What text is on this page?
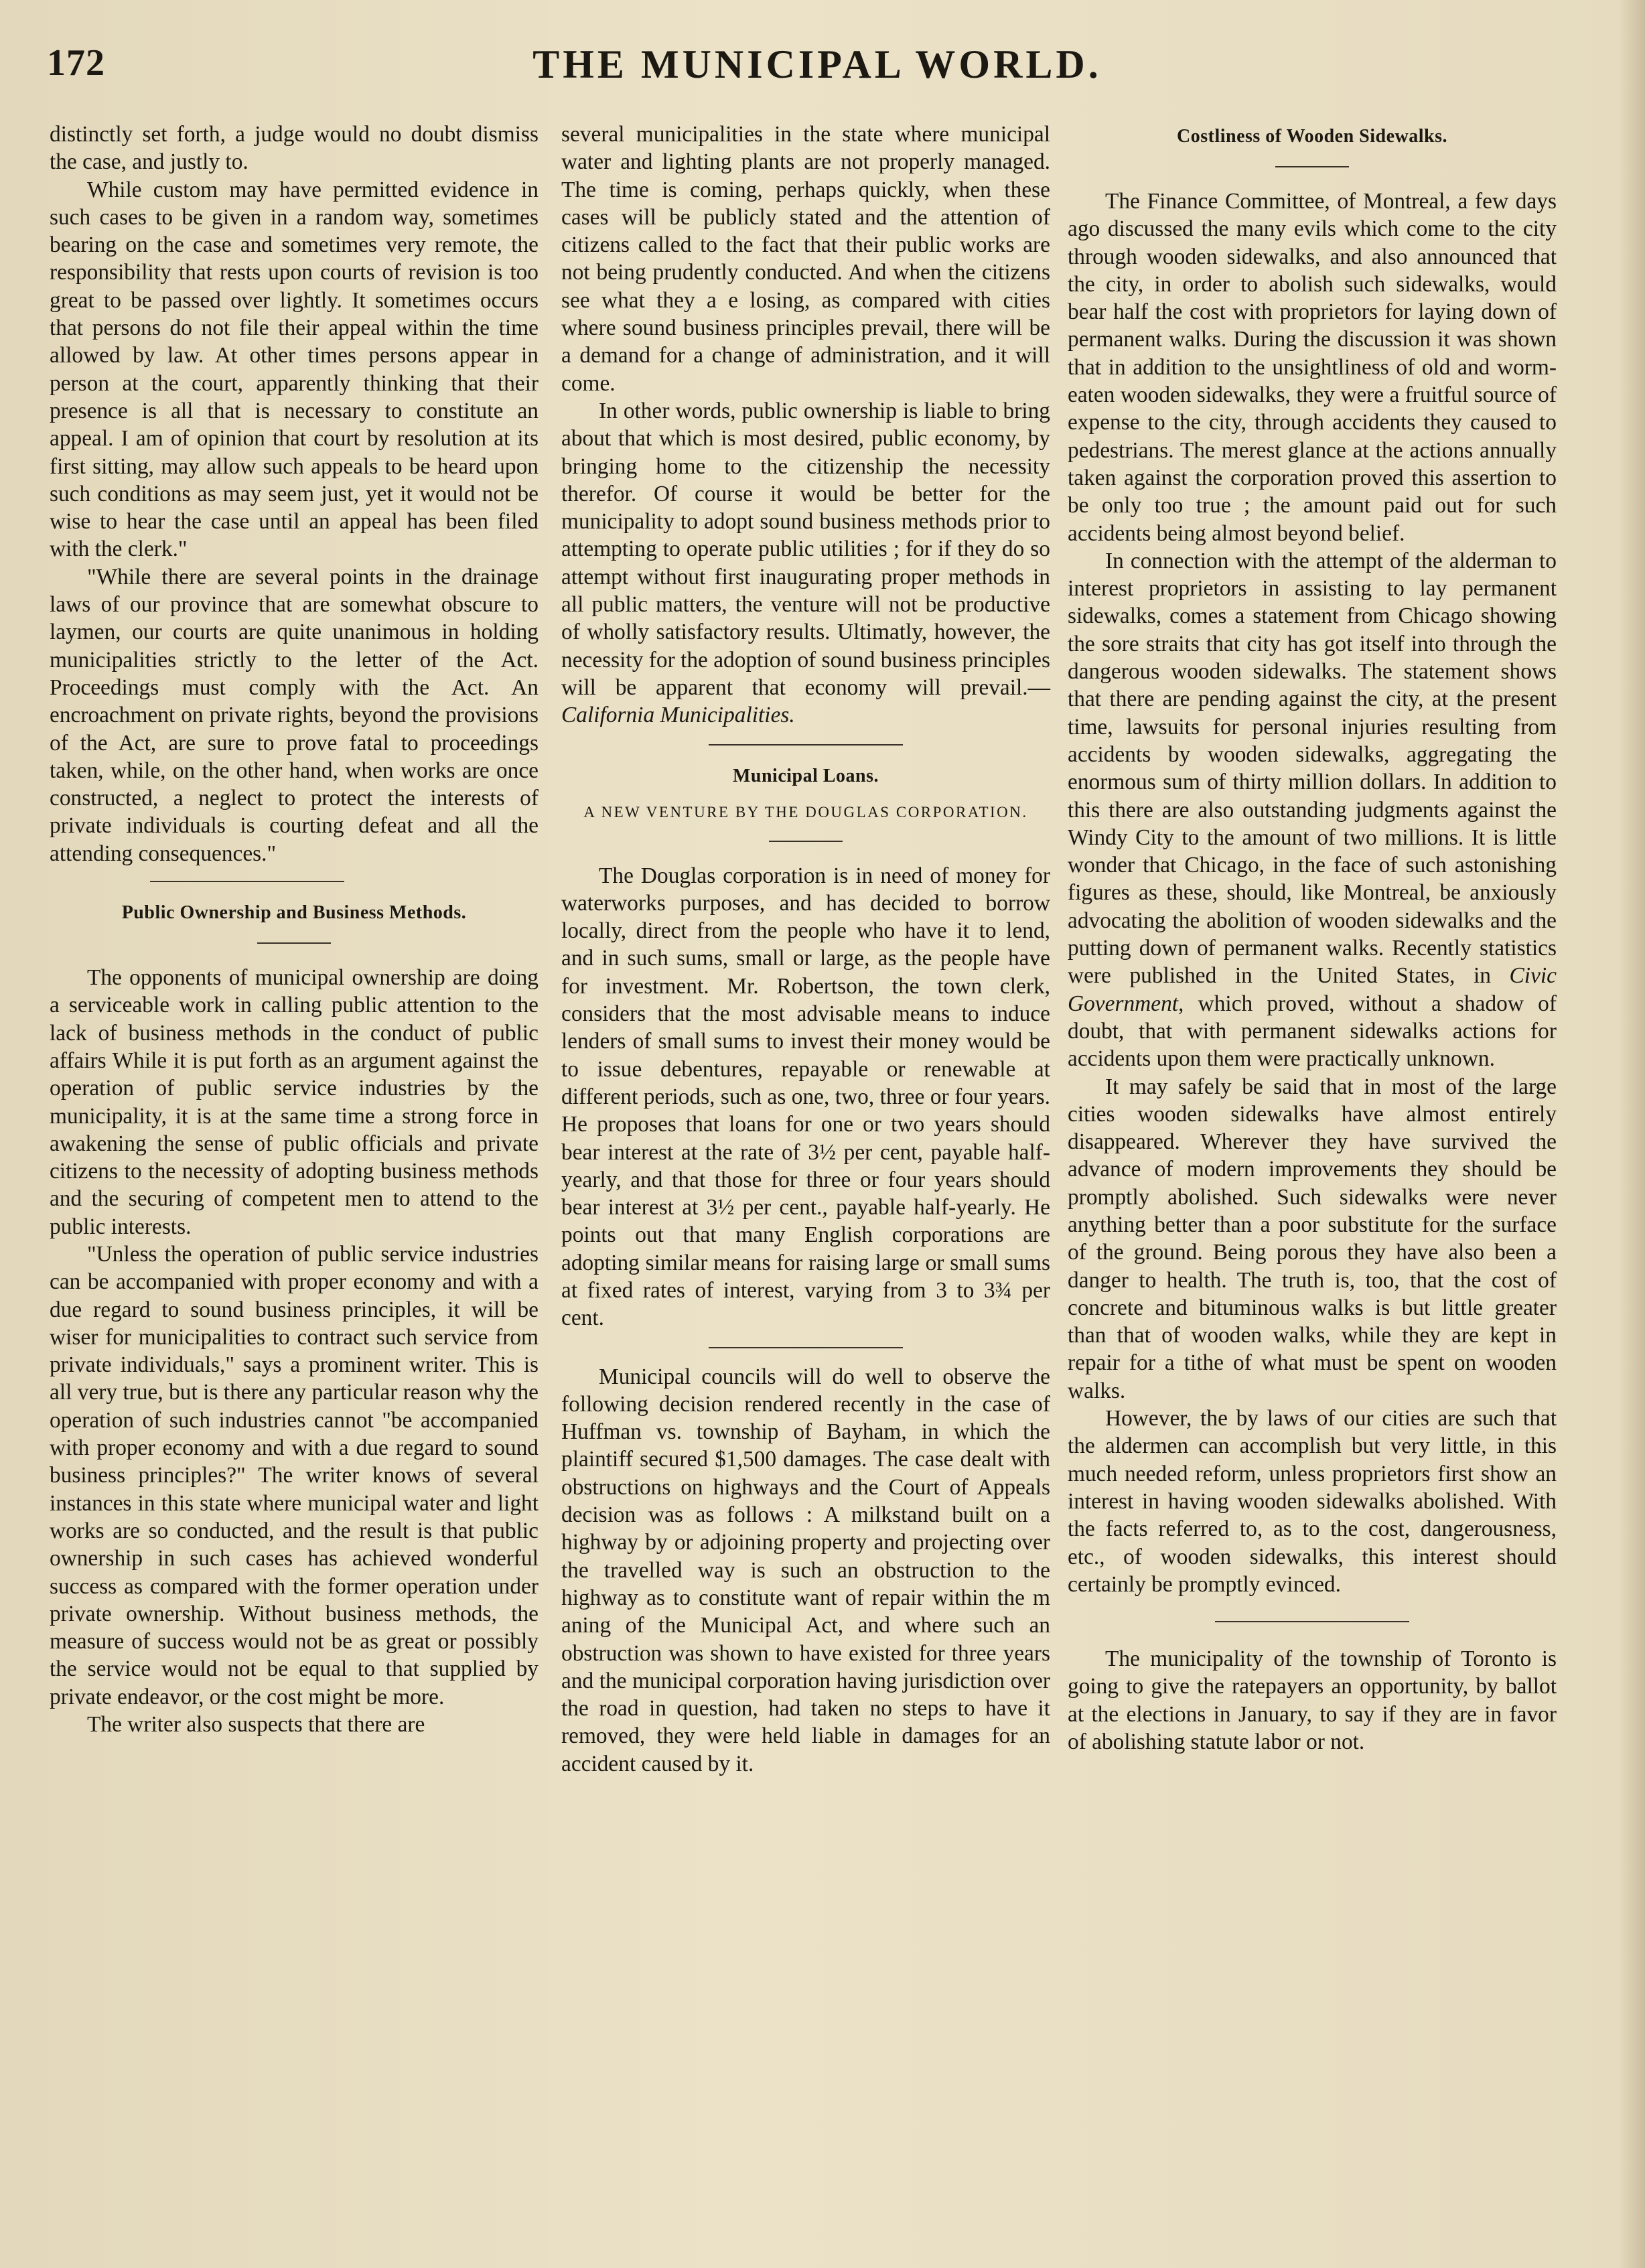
172	THE MUNICIPAL WORLD.

distinctly set forth, a judge would no doubt dismiss the case, and justly to.

While custom may have permitted evidence in such cases to be given in a random way, sometimes bearing on the case and sometimes very remote, the responsibility that rests upon courts of revision is too great to be passed over lightly. It sometimes occurs that persons do not file their appeal within the time allowed by law. At other times persons appear in person at the court, apparently thinking that their presence is all that is necessary to constitute an appeal. I am of opinion that court by resolution at its first sitting, may allow such appeals to be heard upon such conditions as may seem just, yet it would not be wise to hear the case until an appeal has been filed with the clerk."

"While there are several points in the drainage laws of our province that are somewhat obscure to laymen, our courts are quite unanimous in holding municipalities strictly to the letter of the Act. Proceedings must comply with the Act. An encroachment on private rights, beyond the provisions of the Act, are sure to prove fatal to proceedings taken, while, on the other hand, when works are once constructed, a neglect to protect the interests of private individuals is courting defeat and all the attending consequences."

Public Ownership and Business Methods.

The opponents of municipal ownership are doing a serviceable work in calling public attention to the lack of business methods in the conduct of public affairs While it is put forth as an argument against the operation of public service industries by the municipality, it is at the same time a strong force in awakening the sense of public officials and private citizens to the necessity of adopting business methods and the securing of competent men to attend to the public interests.

"Unless the operation of public service industries can be accompanied with proper economy and with a due regard to sound business principles, it will be wiser for municipalities to contract such service from private individuals," says a prominent writer. This is all very true, but is there any particular reason why the operation of such industries cannot "be accompanied with proper economy and with a due regard to sound business principles?" The writer knows of several instances in this state where municipal water and light works are so conducted, and the result is that public ownership in such cases has achieved wonderful success as compared with the former operation under private ownership. Without business methods, the measure of success would not be as great or possibly the service would not be equal to that supplied by private endeavor, or the cost might be more.

The writer also suspects that there are

several municipalities in the state where municipal water and lighting plants are not properly managed. The time is coming, perhaps quickly, when these cases will be publicly stated and the attention of citizens called to the fact that their public works are not being prudently conducted. And when the citizens see what they a e losing, as compared with cities where sound business principles prevail, there will be a demand for a change of administration, and it will come.

In other words, public ownership is liable to bring about that which is most desired, public economy, by bringing home to the citizenship the necessity therefor. Of course it would be better for the municipality to adopt sound business methods prior to attempting to operate public utilities ; for if they do so attempt without first inaugurating proper methods in all public matters, the venture will not be productive of wholly satisfactory results. Ultimatly, however, the necessity for the adoption of sound business principles will be apparent that economy will prevail.—California Municipalities.

Municipal Loans.
A NEW VENTURE BY THE DOUGLAS CORPORATION.

The Douglas corporation is in need of money for waterworks purposes, and has decided to borrow locally, direct from the people who have it to lend, and in such sums, small or large, as the people have for investment. Mr. Robertson, the town clerk, considers that the most advisable means to induce lenders of small sums to invest their money would be to issue debentures, repayable or renewable at different periods, such as one, two, three or four years. He proposes that loans for one or two years should bear interest at the rate of 3½ per cent, payable half-yearly, and that those for three or four years should bear interest at 3½ per cent., payable half-yearly. He points out that many English corporations are adopting similar means for raising large or small sums at fixed rates of interest, varying from 3 to 3¾ per cent.

Municipal councils will do well to observe the following decision rendered recently in the case of Huffman vs. township of Bayham, in which the plaintiff secured $1,500 damages. The case dealt with obstructions on highways and the Court of Appeals decision was as follows : A milkstand built on a highway by or adjoining property and projecting over the travelled way is such an obstruction to the highway as to constitute want of repair within the m aning of the Municipal Act, and where such an obstruction was shown to have existed for three years and the municipal corporation having jurisdiction over the road in question, had taken no steps to have it removed, they were held liable in damages for an accident caused by it.

Costliness of Wooden Sidewalks.

The Finance Committee, of Montreal, a few days ago discussed the many evils which come to the city through wooden sidewalks, and also announced that the city, in order to abolish such sidewalks, would bear half the cost with proprietors for laying down of permanent walks. During the discussion it was shown that in addition to the unsightliness of old and worm-eaten wooden sidewalks, they were a fruitful source of expense to the city, through accidents they caused to pedestrians. The merest glance at the actions annually taken against the corporation proved this assertion to be only too true ; the amount paid out for such accidents being almost beyond belief.

In connection with the attempt of the alderman to interest proprietors in assisting to lay permanent sidewalks, comes a statement from Chicago showing the sore straits that city has got itself into through the dangerous wooden sidewalks. The statement shows that there are pending against the city, at the present time, lawsuits for personal injuries resulting from accidents by wooden sidewalks, aggregating the enormous sum of thirty million dollars. In addition to this there are also outstanding judgments against the Windy City to the amount of two millions. It is little wonder that Chicago, in the face of such astonishing figures as these, should, like Montreal, be anxiously advocating the abolition of wooden sidewalks and the putting down of permanent walks. Recently statistics were published in the United States, in Civic Government, which proved, without a shadow of doubt, that with permanent sidewalks actions for accidents upon them were practically unknown.

It may safely be said that in most of the large cities wooden sidewalks have almost entirely disappeared. Wherever they have survived the advance of modern improvements they should be promptly abolished. Such sidewalks were never anything better than a poor substitute for the surface of the ground. Being porous they have also been a danger to health. The truth is, too, that the cost of concrete and bituminous walks is but little greater than that of wooden walks, while they are kept in repair for a tithe of what must be spent on wooden walks.

However, the by laws of our cities are such that the aldermen can accomplish but very little, in this much needed reform, unless proprietors first show an interest in having wooden sidewalks abolished. With the facts referred to, as to the cost, dangerousness, etc., of wooden sidewalks, this interest should certainly be promptly evinced.

The municipality of the township of Toronto is going to give the ratepayers an opportunity, by ballot at the elections in January, to say if they are in favor of abolishing statute labor or not.
